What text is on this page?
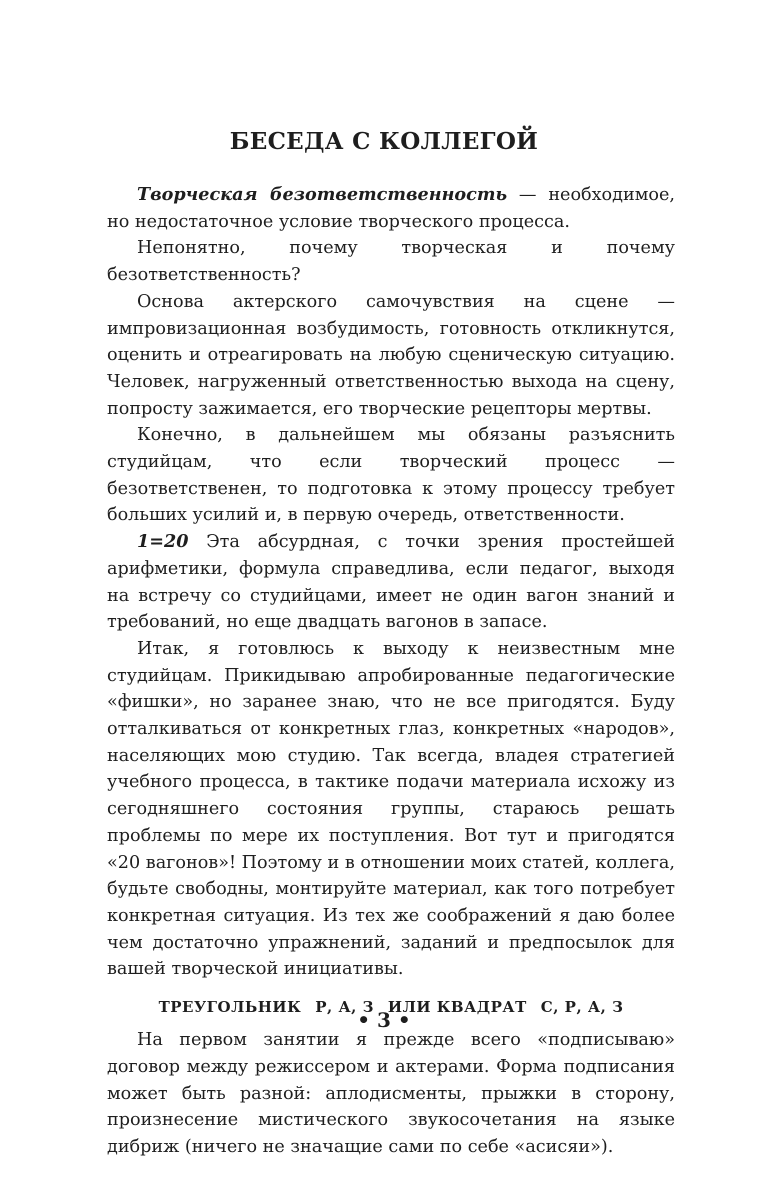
БЕСЕДА С КОЛЛЕГОЙ

Творческая безответственность — необходимое, но недостаточное условие творческого процесса.

Непонятно, почему творческая и почему безответственность?

Основа актерского самочувствия на сцене — импровизационная возбудимость, готовность откликнутся, оценить и отреагировать на любую сценическую ситуацию. Человек, нагруженный ответственностью выхода на сцену, попросту зажимается, его творческие рецепторы мертвы.

Конечно, в дальнейшем мы обязаны разъяснить студийцам, что если творческий процесс — безответственен, то подготовка к этому процессу требует больших усилий и, в первую очередь, ответственности.

1=20 Эта абсурдная, с точки зрения простейшей арифметики, формула справедлива, если педагог, выходя на встречу со студийцами, имеет не один вагон знаний и требований, но еще двадцать вагонов в запасе.

Итак, я готовлюсь к выходу к неизвестным мне студийцам. Прикидываю апробированные педагогические «фишки», но заранее знаю, что не все пригодятся. Буду отталкиваться от конкретных глаз, конкретных «народов», населяющих мою студию. Так всегда, владея стратегией учебного процесса, в тактике подачи материала исхожу из сегодняшнего состояния группы, стараюсь решать проблемы по мере их поступления. Вот тут и пригодятся «20 вагонов»! Поэтому и в отношении моих статей, коллега, будьте свободны, монтируйте материал, как того потребует конкретная ситуация. Из тех же соображений я даю более чем достаточно упражнений, заданий и предпосылок для вашей творческой инициативы.

ТРЕУГОЛЬНИК Р, А, З ИЛИ КВАДРАТ С, Р, А, З

На первом занятии я прежде всего «подписываю» договор между режиссером и актерами. Форма подписания может быть разной: аплодисменты, прыжки в сторону, произнесение мистического звукосочетания на языке дибриж (ничего не значащие сами по себе «асисяи»).

• 3 •
